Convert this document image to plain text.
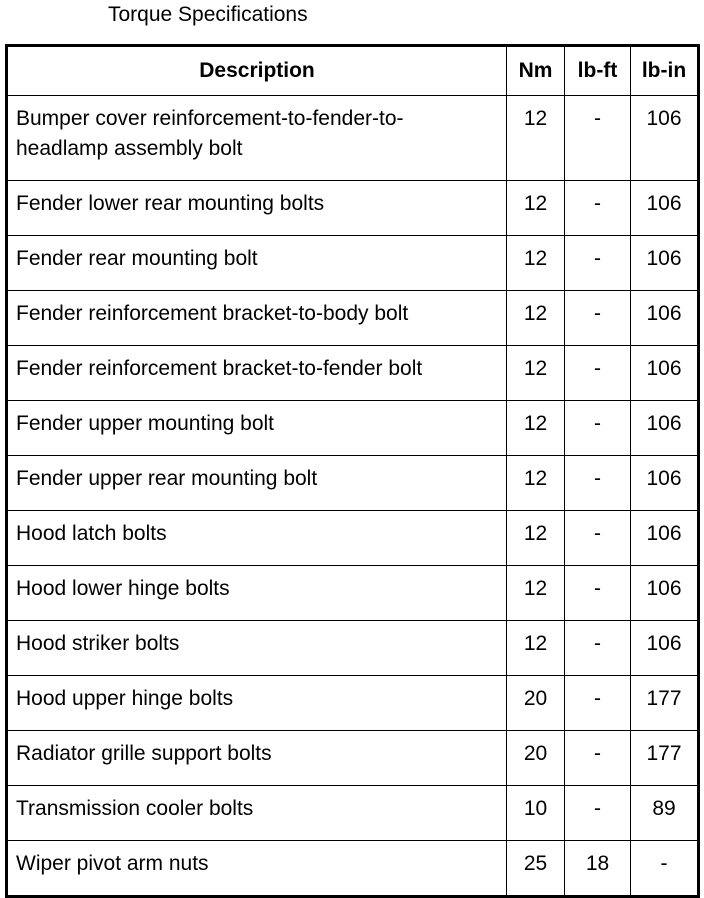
Torque Specifications
Description	Nm	lb-ft	lb-in
Bumper cover reinforcement-to-fender-to-headlamp assembly bolt	12	-	106
Fender lower rear mounting bolts	12	-	106
Fender rear mounting bolt	12	-	106
Fender reinforcement bracket-to-body bolt	12	-	106
Fender reinforcement bracket-to-fender bolt	12	-	106
Fender upper mounting bolt	12	-	106
Fender upper rear mounting bolt	12	-	106
Hood latch bolts	12	-	106
Hood lower hinge bolts	12	-	106
Hood striker bolts	12	-	106
Hood upper hinge bolts	20	-	177
Radiator grille support bolts	20	-	177
Transmission cooler bolts	10	-	89
Wiper pivot arm nuts	25	18	-
